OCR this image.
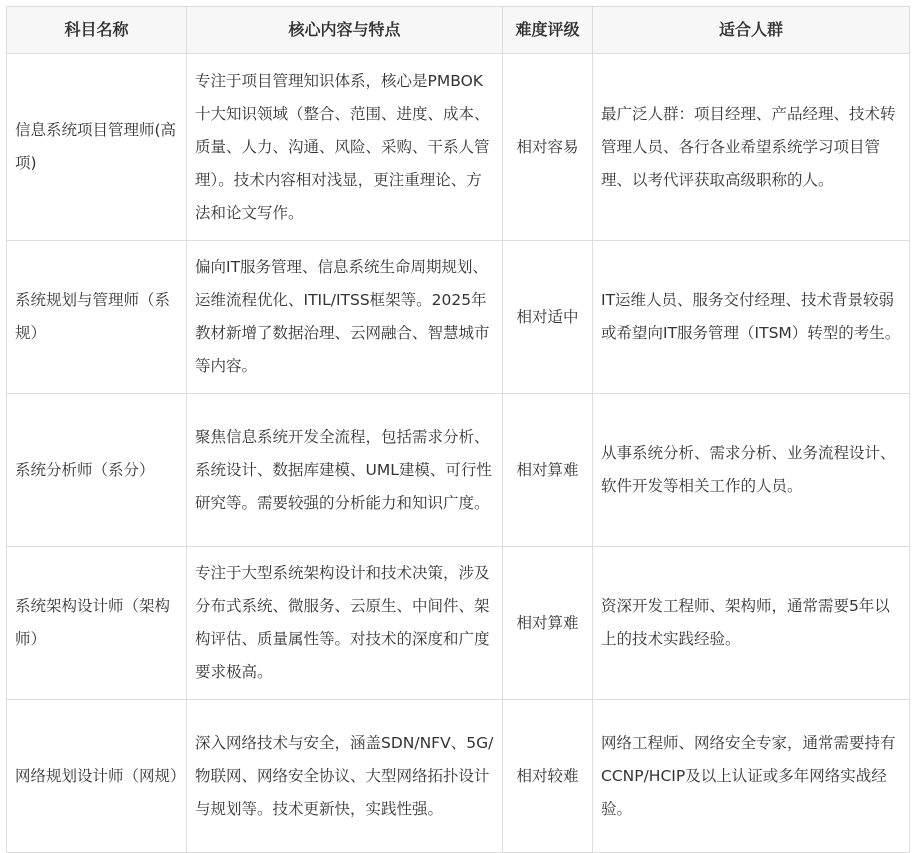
科目名称	核心内容与特点	难度评级	适合人群
信息系统项目管理师(高项)	专注于项目管理知识体系，核心是PMBOK十大知识领域（整合、范围、进度、成本、质量、人力、沟通、风险、采购、干系人管理）。技术内容相对浅显，更注重理论、方法和论文写作。	相对容易	最广泛人群：项目经理、产品经理、技术转管理人员、各行各业希望系统学习项目管理、以考代评获取高级职称的人。
系统规划与管理师（系规）	偏向IT服务管理、信息系统生命周期规划、运维流程优化、ITIL/ITSS框架等。2025年教材新增了数据治理、云网融合、智慧城市等内容。	相对适中	IT运维人员、服务交付经理、技术背景较弱或希望向IT服务管理（ITSM）转型的考生。
系统分析师（系分）	聚焦信息系统开发全流程，包括需求分析、系统设计、数据库建模、UML建模、可行性研究等。需要较强的分析能力和知识广度。	相对算难	从事系统分析、需求分析、业务流程设计、软件开发等相关工作的人员。
系统架构设计师（架构师）	专注于大型系统架构设计和技术决策，涉及分布式系统、微服务、云原生、中间件、架构评估、质量属性等。对技术的深度和广度要求极高。	相对算难	资深开发工程师、架构师，通常需要5年以上的技术实践经验。
网络规划设计师（网规）	深入网络技术与安全，涵盖SDN/NFV、5G/物联网、网络安全协议、大型网络拓扑设计与规划等。技术更新快，实践性强。	相对较难	网络工程师、网络安全专家，通常需要持有CCNP/HCIP及以上认证或多年网络实战经验。
